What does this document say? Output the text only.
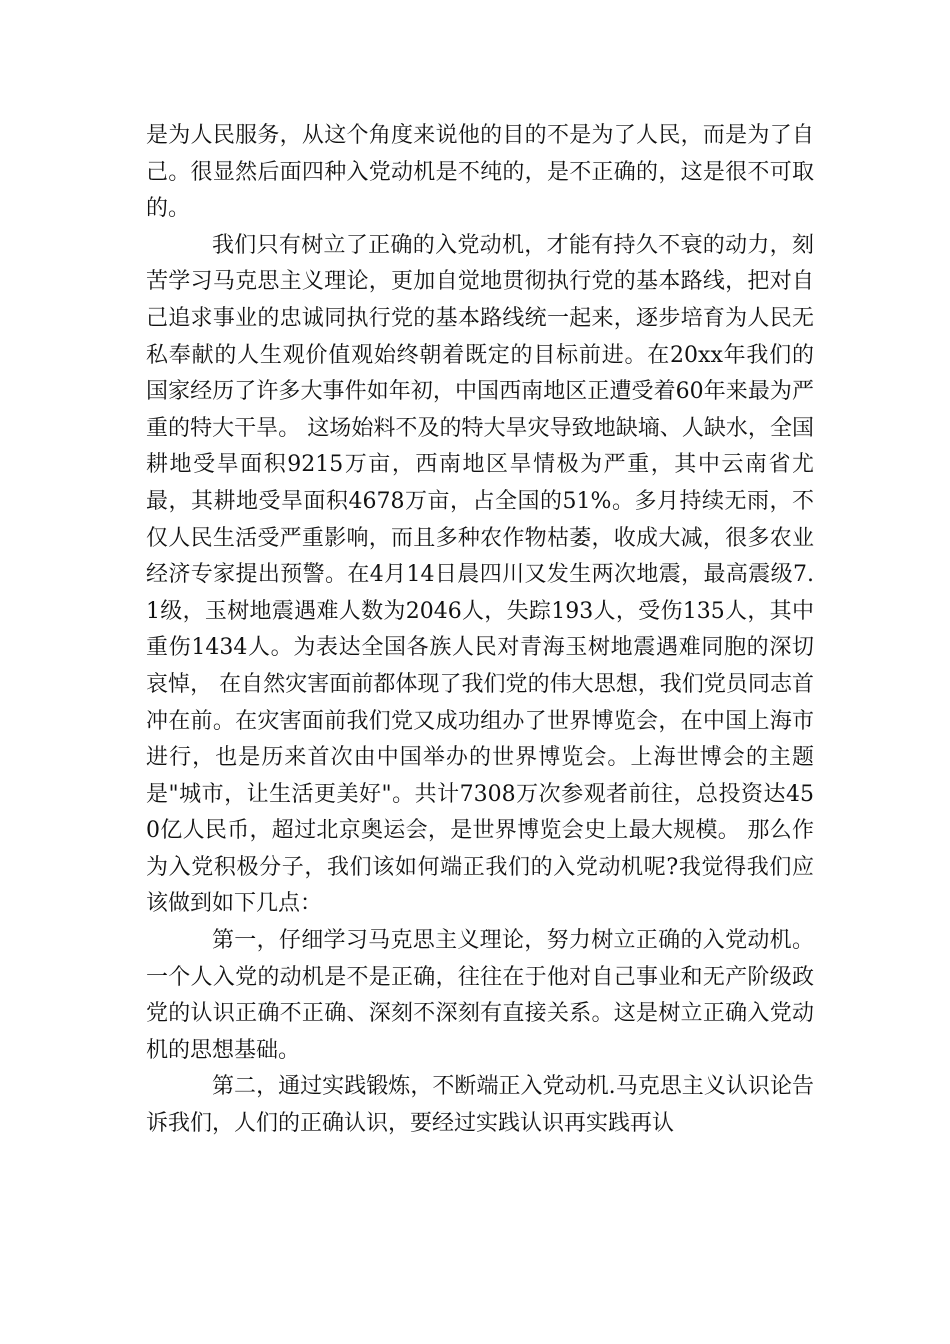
是为人民服务，从这个角度来说他的目的不是为了人民，而是为了自己。很显然后面四种入党动机是不纯的，是不正确的，这是很不可取的。

我们只有树立了正确的入党动机，才能有持久不衰的动力，刻苦学习马克思主义理论，更加自觉地贯彻执行党的基本路线，把对自己追求事业的忠诚同执行党的基本路线统一起来，逐步培育为人民无私奉献的人生观价值观始终朝着既定的目标前进。在20xx年我们的国家经历了许多大事件如年初，中国西南地区正遭受着60年来最为严重的特大干旱。 这场始料不及的特大旱灾导致地缺墒、人缺水，全国耕地受旱面积9215万亩，西南地区旱情极为严重，其中云南省尤最，其耕地受旱面积4678万亩，占全国的51%。多月持续无雨，不仅人民生活受严重影响，而且多种农作物枯萎，收成大减，很多农业经济专家提出预警。在4月14日晨四川又发生两次地震，最高震级7.1级，玉树地震遇难人数为2046人，失踪193人，受伤135人，其中重伤1434人。为表达全国各族人民对青海玉树地震遇难同胞的深切哀悼， 在自然灾害面前都体现了我们党的伟大思想，我们党员同志首冲在前。在灾害面前我们党又成功组办了世界博览会，在中国上海市进行，也是历来首次由中国举办的世界博览会。上海世博会的主题是"城市，让生活更美好"。共计7308万次参观者前往，总投资达450亿人民币，超过北京奥运会，是世界博览会史上最大规模。 那么作为入党积极分子，我们该如何端正我们的入党动机呢?我觉得我们应该做到如下几点：

第一，仔细学习马克思主义理论，努力树立正确的入党动机。一个人入党的动机是不是正确，往往在于他对自己事业和无产阶级政党的认识正确不正确、深刻不深刻有直接关系。这是树立正确入党动机的思想基础。

第二，通过实践锻炼，不断端正入党动机.马克思主义认识论告诉我们，人们的正确认识，要经过实践认识再实践再认
